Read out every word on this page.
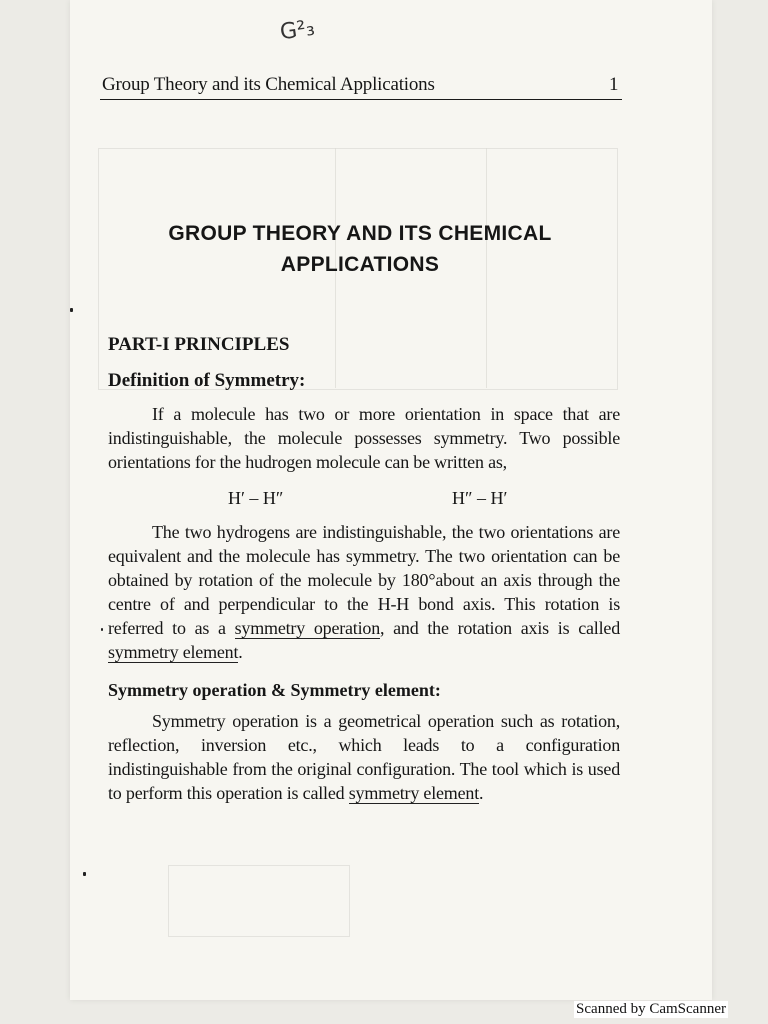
G²₃
Group Theory and its Chemical Applications	1
GROUP THEORY AND ITS CHEMICAL
APPLICATIONS
PART-I PRINCIPLES
Definition of Symmetry:
If a molecule has two or more orientation in space that are indistinguishable, the molecule possesses symmetry. Two possible orientations for the hudrogen molecule can be written as,
H′ – H″	H″ – H′
The two hydrogens are indistinguishable, the two orientations are equivalent and the molecule has symmetry. The two orientation can be obtained by rotation of the molecule by 180°about an axis through the centre of and perpendicular to the H-H bond axis. This rotation is referred to as a symmetry operation, and the rotation axis is called symmetry element.
Symmetry operation & Symmetry element:
Symmetry operation is a geometrical operation such as rotation, reflection, inversion etc., which leads to a configuration indistinguishable from the original configuration. The tool which is used to perform this operation is called symmetry element.
Scanned by CamScanner
